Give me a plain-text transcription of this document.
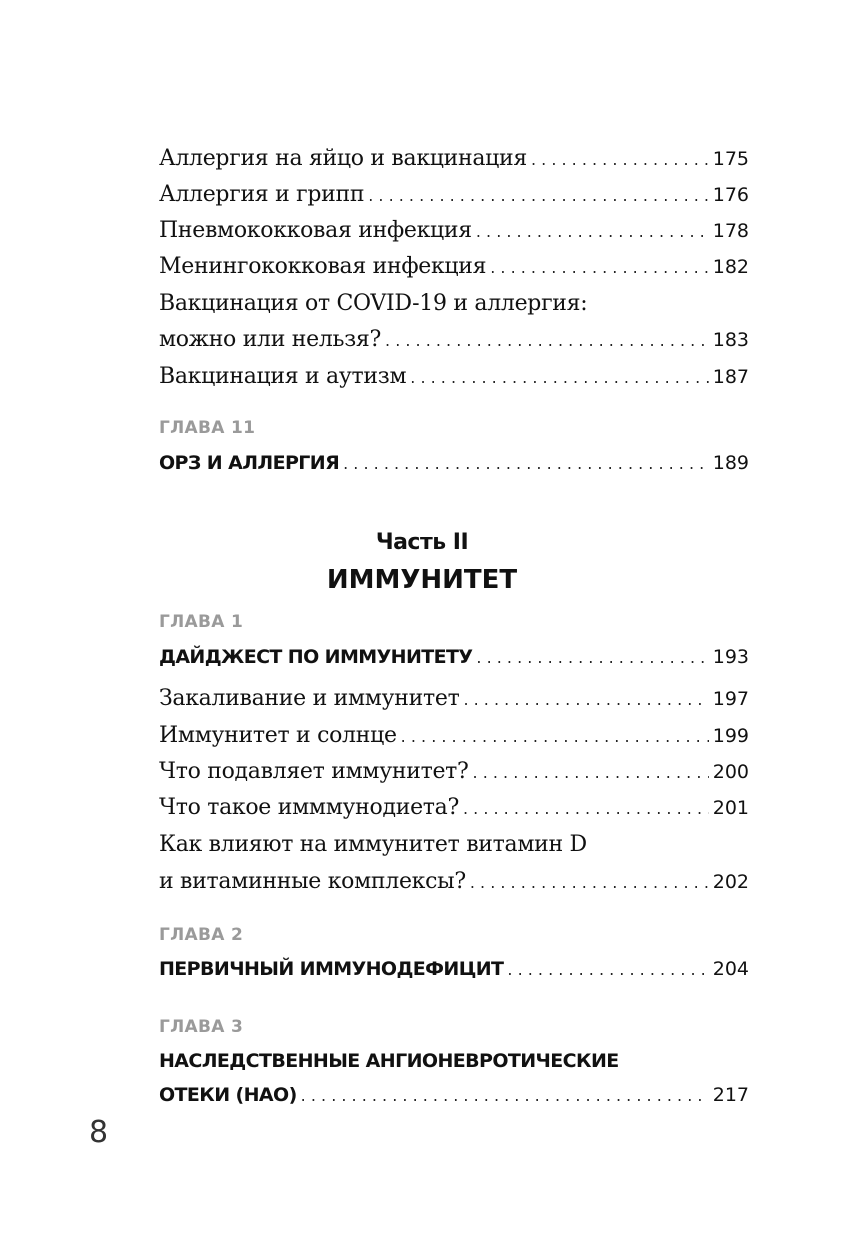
Аллергия на яйцо и вакцинация . . .	175
Аллергия и грипп . . .	176
Пневмококковая инфекция . . .	178
Менингококковая инфекция . . .	182
Вакцинация от COVID-19 и аллергия:
можно или нельзя? . . .	183
Вакцинация и аутизм . . .	187
ГЛАВА 11
ОРЗ И АЛЛЕРГИЯ . . .	189
Часть II
ИММУНИТЕТ
ГЛАВА 1
ДАЙДЖЕСТ ПО ИММУНИТЕТУ . . .	193
Закаливание и иммунитет . . .	197
Иммунитет и солнце . . .	199
Что подавляет иммунитет? . . .	200
Что такое имммунодиета? . . .	201
Как влияют на иммунитет витамин D
и витаминные комплексы? . . .	202
ГЛАВА 2
ПЕРВИЧНЫЙ ИММУНОДЕФИЦИТ . . .	204
ГЛАВА 3
НАСЛЕДСТВЕННЫЕ АНГИОНЕВРОТИЧЕСКИЕ
ОТЕКИ (НАО) . . .	217
8
